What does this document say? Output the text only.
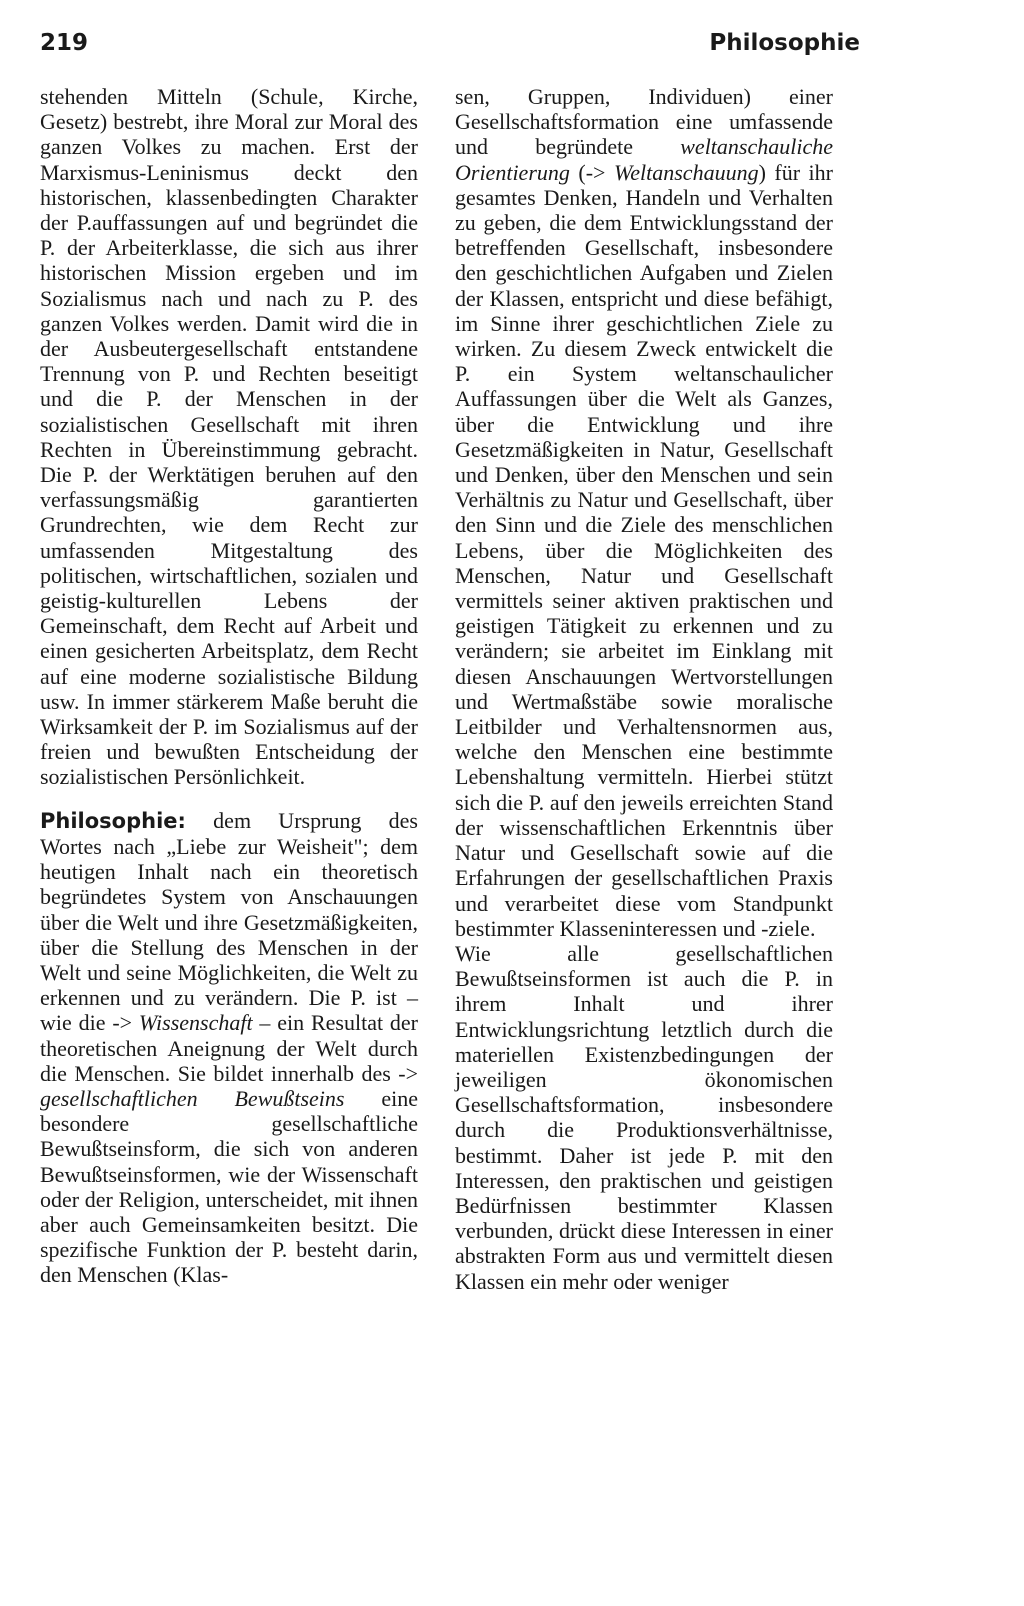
219	Philosophie

stehenden Mitteln (Schule, Kirche, Gesetz) bestrebt, ihre Moral zur Moral des ganzen Volkes zu machen. Erst der Marxismus-Leninismus deckt den historischen, klassenbedingten Charakter der P.auffassungen auf und begründet die P. der Arbeiterklasse, die sich aus ihrer historischen Mission ergeben und im Sozialismus nach und nach zu P. des ganzen Volkes werden. Damit wird die in der Ausbeutergesellschaft entstandene Trennung von P. und Rechten beseitigt und die P. der Menschen in der sozialistischen Gesellschaft mit ihren Rechten in Übereinstimmung gebracht. Die P. der Werktätigen beruhen auf den verfassungsmäßig garantierten Grundrechten, wie dem Recht zur umfassenden Mitgestaltung des politischen, wirtschaftlichen, sozialen und geistig-kulturellen Lebens der Gemeinschaft, dem Recht auf Arbeit und einen gesicherten Arbeitsplatz, dem Recht auf eine moderne sozialistische Bildung usw. In immer stärkerem Maße beruht die Wirksamkeit der P. im Sozialismus auf der freien und bewußten Entscheidung der sozialistischen Persönlichkeit.

Philosophie: dem Ursprung des Wortes nach „Liebe zur Weisheit"; dem heutigen Inhalt nach ein theoretisch begründetes System von Anschauungen über die Welt und ihre Gesetzmäßigkeiten, über die Stellung des Menschen in der Welt und seine Möglichkeiten, die Welt zu erkennen und zu verändern. Die P. ist – wie die -> Wissenschaft – ein Resultat der theoretischen Aneignung der Welt durch die Menschen. Sie bildet innerhalb des -> gesellschaftlichen Bewußtseins eine besondere gesellschaftliche Bewußtseinsform, die sich von anderen Bewußtseinsformen, wie der Wissenschaft oder der Religion, unterscheidet, mit ihnen aber auch Gemeinsamkeiten besitzt. Die spezifische Funktion der P. besteht darin, den Menschen (Klas-

sen, Gruppen, Individuen) einer Gesellschaftsformation eine umfassende und begründete weltanschauliche Orientierung (-> Weltanschauung) für ihr gesamtes Denken, Handeln und Verhalten zu geben, die dem Entwicklungsstand der betreffenden Gesellschaft, insbesondere den geschichtlichen Aufgaben und Zielen der Klassen, entspricht und diese befähigt, im Sinne ihrer geschichtlichen Ziele zu wirken. Zu diesem Zweck entwickelt die P. ein System weltanschaulicher Auffassungen über die Welt als Ganzes, über die Entwicklung und ihre Gesetzmäßigkeiten in Natur, Gesellschaft und Denken, über den Menschen und sein Verhältnis zu Natur und Gesellschaft, über den Sinn und die Ziele des menschlichen Lebens, über die Möglichkeiten des Menschen, Natur und Gesellschaft vermittels seiner aktiven praktischen und geistigen Tätigkeit zu erkennen und zu verändern; sie arbeitet im Einklang mit diesen Anschauungen Wertvorstellungen und Wertmaßstäbe sowie moralische Leitbilder und Verhaltensnormen aus, welche den Menschen eine bestimmte Lebenshaltung vermitteln. Hierbei stützt sich die P. auf den jeweils erreichten Stand der wissenschaftlichen Erkenntnis über Natur und Gesellschaft sowie auf die Erfahrungen der gesellschaftlichen Praxis und verarbeitet diese vom Standpunkt bestimmter Klasseninteressen und -ziele.

Wie alle gesellschaftlichen Bewußtseinsformen ist auch die P. in ihrem Inhalt und ihrer Entwicklungsrichtung letztlich durch die materiellen Existenzbedingungen der jeweiligen ökonomischen Gesellschaftsformation, insbesondere durch die Produktionsverhältnisse, bestimmt. Daher ist jede P. mit den Interessen, den praktischen und geistigen Bedürfnissen bestimmter Klassen verbunden, drückt diese Interessen in einer abstrakten Form aus und vermittelt diesen Klassen ein mehr oder weniger
